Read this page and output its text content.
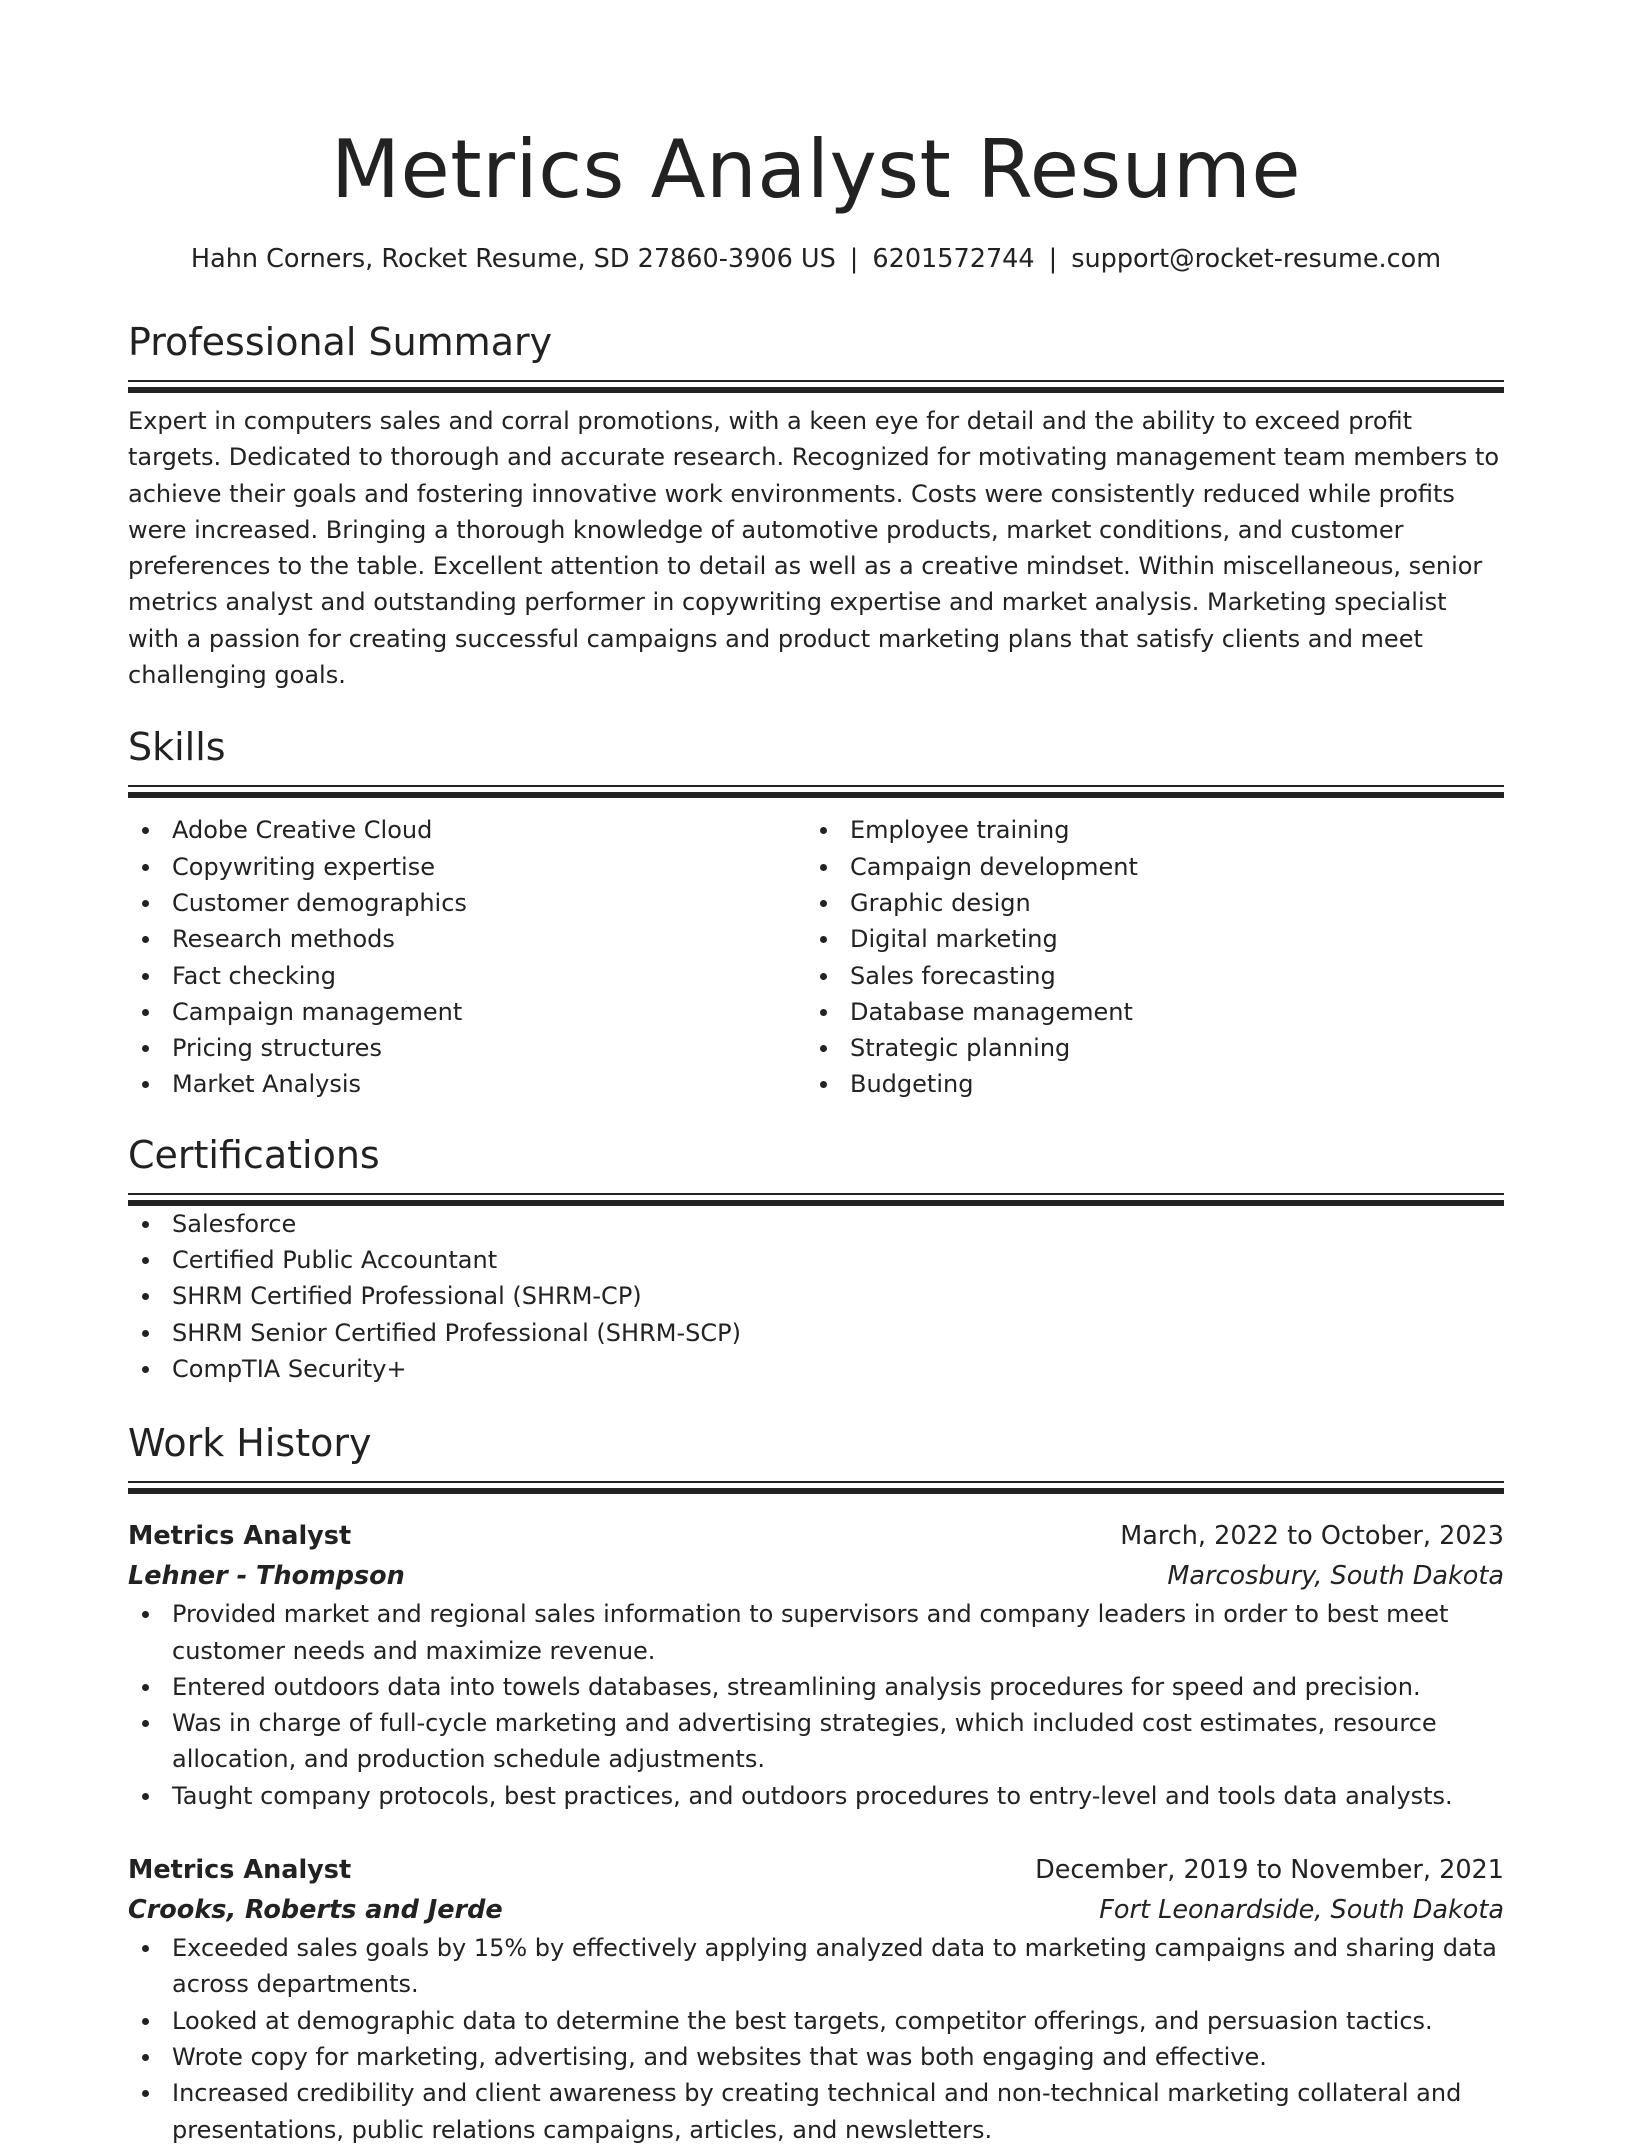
Metrics Analyst Resume
Hahn Corners, Rocket Resume, SD 27860-3906 US | 6201572744 | support@rocket-resume.com
Professional Summary
Expert in computers sales and corral promotions, with a keen eye for detail and the ability to exceed profit targets. Dedicated to thorough and accurate research. Recognized for motivating management team members to achieve their goals and fostering innovative work environments. Costs were consistently reduced while profits were increased. Bringing a thorough knowledge of automotive products, market conditions, and customer preferences to the table. Excellent attention to detail as well as a creative mindset. Within miscellaneous, senior metrics analyst and outstanding performer in copywriting expertise and market analysis. Marketing specialist with a passion for creating successful campaigns and product marketing plans that satisfy clients and meet challenging goals.
Skills
Adobe Creative Cloud
Copywriting expertise
Customer demographics
Research methods
Fact checking
Campaign management
Pricing structures
Market Analysis
Employee training
Campaign development
Graphic design
Digital marketing
Sales forecasting
Database management
Strategic planning
Budgeting
Certifications
Salesforce
Certified Public Accountant
SHRM Certified Professional (SHRM-CP)
SHRM Senior Certified Professional (SHRM-SCP)
CompTIA Security+
Work History
Metrics Analyst	March, 2022 to October, 2023
Lehner - Thompson	Marcosbury, South Dakota
Provided market and regional sales information to supervisors and company leaders in order to best meet customer needs and maximize revenue.
Entered outdoors data into towels databases, streamlining analysis procedures for speed and precision.
Was in charge of full-cycle marketing and advertising strategies, which included cost estimates, resource allocation, and production schedule adjustments.
Taught company protocols, best practices, and outdoors procedures to entry-level and tools data analysts.
Metrics Analyst	December, 2019 to November, 2021
Crooks, Roberts and Jerde	Fort Leonardside, South Dakota
Exceeded sales goals by 15% by effectively applying analyzed data to marketing campaigns and sharing data across departments.
Looked at demographic data to determine the best targets, competitor offerings, and persuasion tactics.
Wrote copy for marketing, advertising, and websites that was both engaging and effective.
Increased credibility and client awareness by creating technical and non-technical marketing collateral and presentations, public relations campaigns, articles, and newsletters.
